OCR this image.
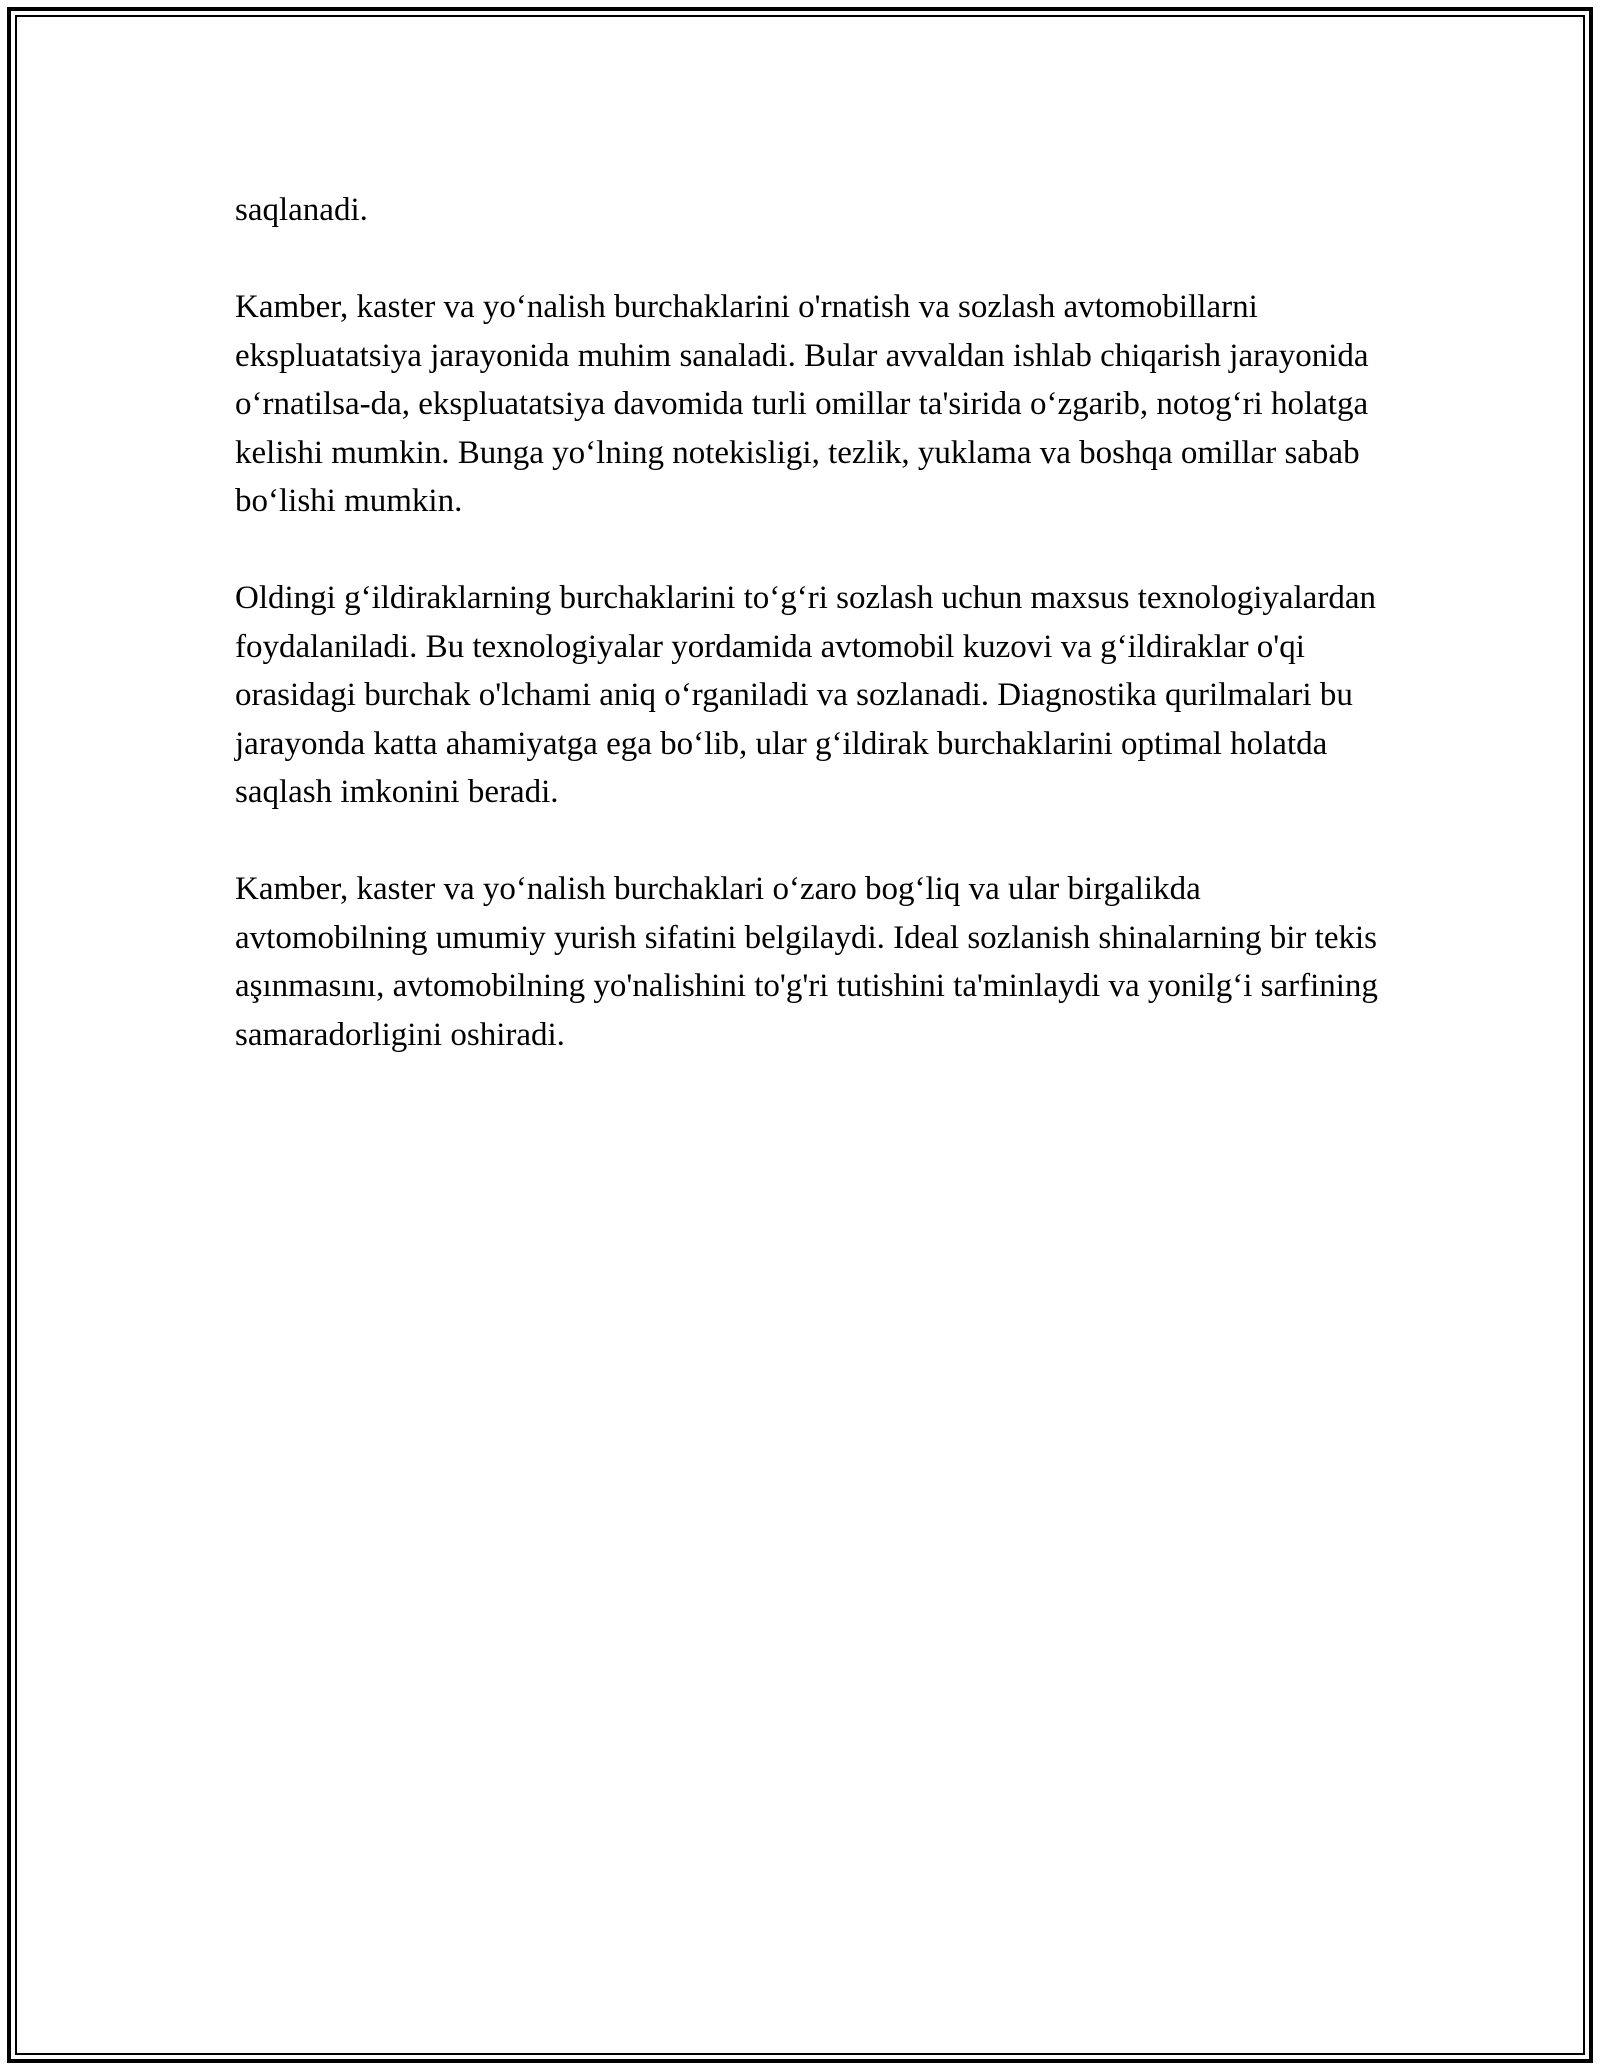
saqlanadi.

Kamber, kaster va yo‘nalish burchaklarini o'rnatish va sozlash avtomobillarni ekspluatatsiya jarayonida muhim sanaladi. Bular avvaldan ishlab chiqarish jarayonida o‘rnatilsa-da, ekspluatatsiya davomida turli omillar ta'sirida o‘zgarib, notog‘ri holatga kelishi mumkin. Bunga yo‘lning notekisligi, tezlik, yuklama va boshqa omillar sabab bo‘lishi mumkin.

Oldingi g‘ildiraklarning burchaklarini to‘g‘ri sozlash uchun maxsus texnologiyalardan foydalaniladi. Bu texnologiyalar yordamida avtomobil kuzovi va g‘ildiraklar o'qi orasidagi burchak o'lchami aniq o‘rganiladi va sozlanadi. Diagnostika qurilmalari bu jarayonda katta ahamiyatga ega bo‘lib, ular g‘ildirak burchaklarini optimal holatda saqlash imkonini beradi.

Kamber, kaster va yo‘nalish burchaklari o‘zaro bog‘liq va ular birgalikda avtomobilning umumiy yurish sifatini belgilaydi. Ideal sozlanish shinalarning bir tekis aşınmasını, avtomobilning yo'nalishini to'g'ri tutishini ta'minlaydi va yonilg‘i sarfining samaradorligini oshiradi.
